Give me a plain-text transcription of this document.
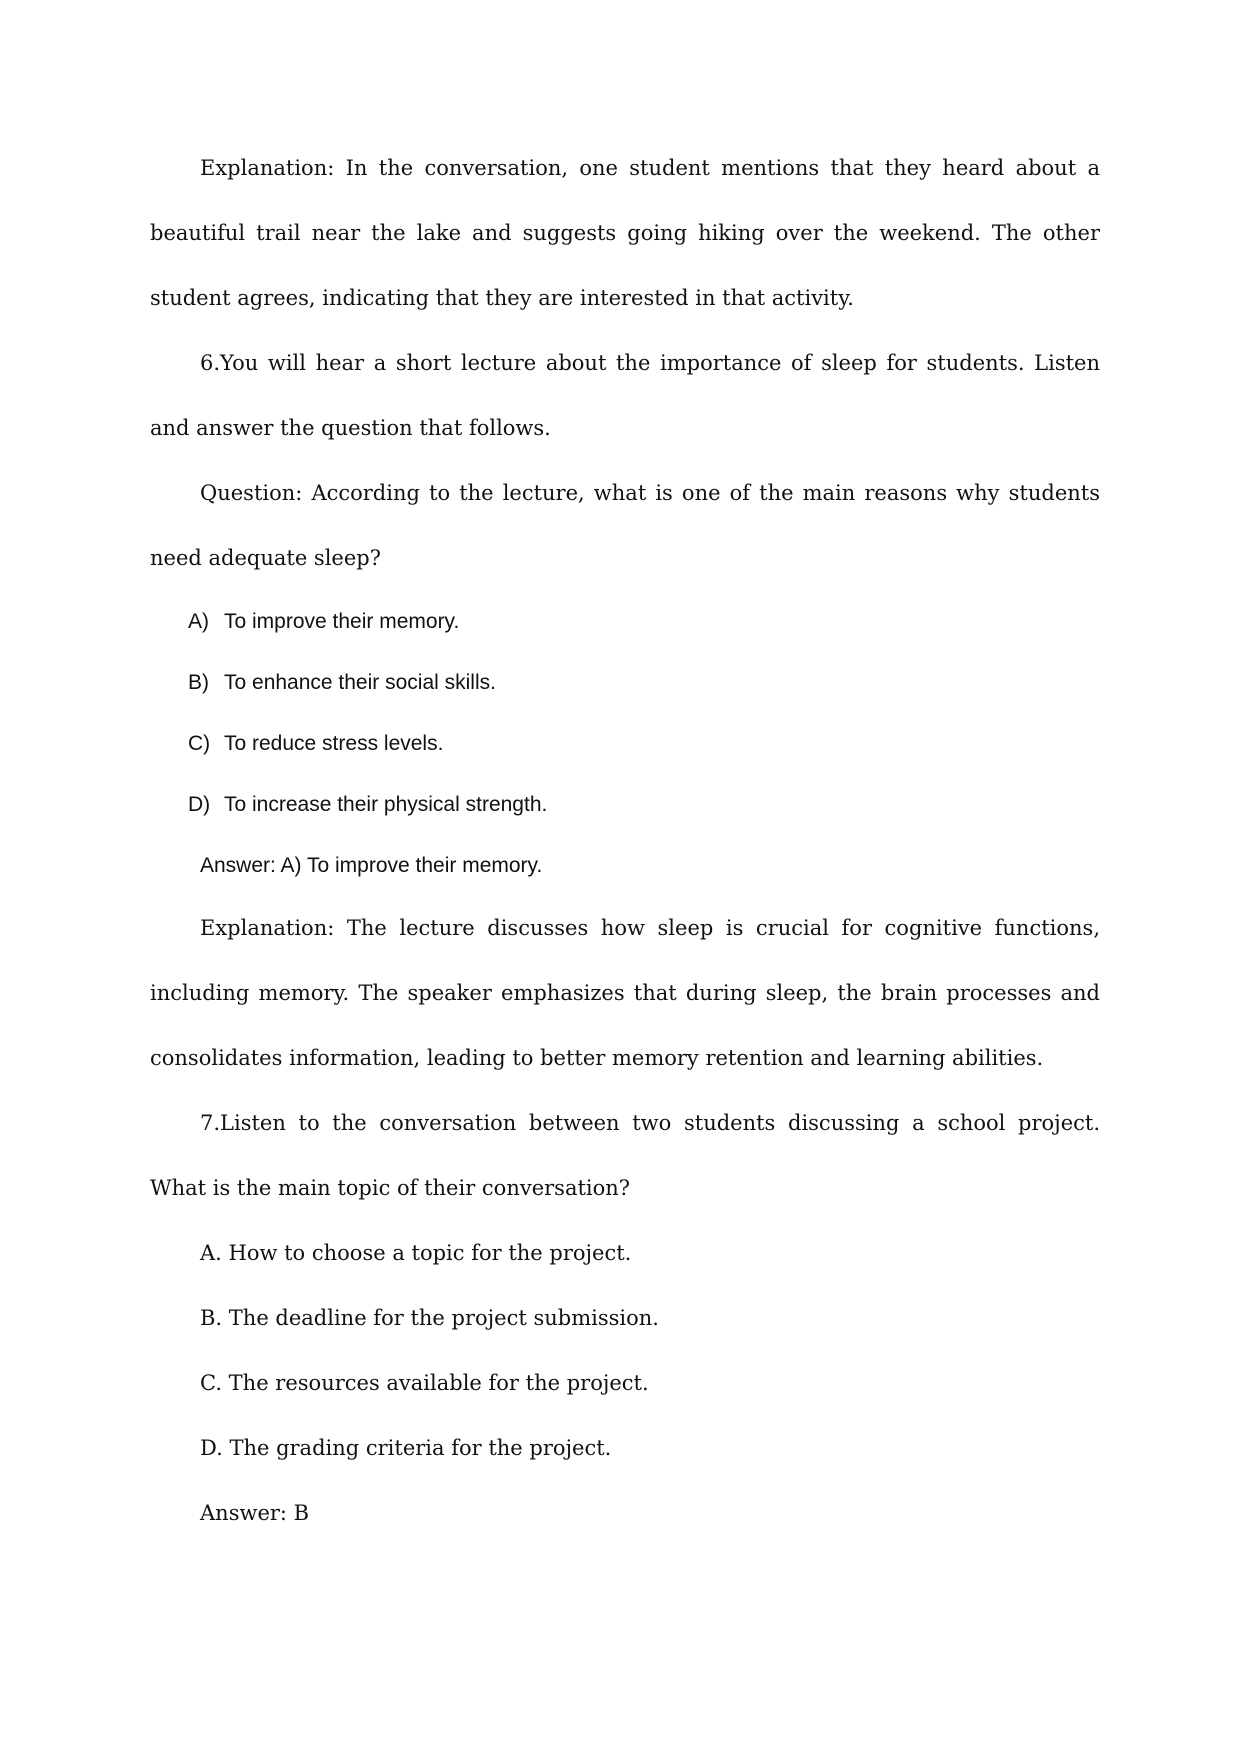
Explanation: In the conversation, one student mentions that they heard about a beautiful trail near the lake and suggests going hiking over the weekend. The other student agrees, indicating that they are interested in that activity.

6.You will hear a short lecture about the importance of sleep for students. Listen and answer the question that follows.

Question: According to the lecture, what is one of the main reasons why students need adequate sleep?

A) To improve their memory.
B) To enhance their social skills.
C) To reduce stress levels.
D) To increase their physical strength.

Answer: A) To improve their memory.

Explanation: The lecture discusses how sleep is crucial for cognitive functions, including memory. The speaker emphasizes that during sleep, the brain processes and consolidates information, leading to better memory retention and learning abilities.

7.Listen to the conversation between two students discussing a school project. What is the main topic of their conversation?

A. How to choose a topic for the project.

B. The deadline for the project submission.

C. The resources available for the project.

D. The grading criteria for the project.

Answer: B
